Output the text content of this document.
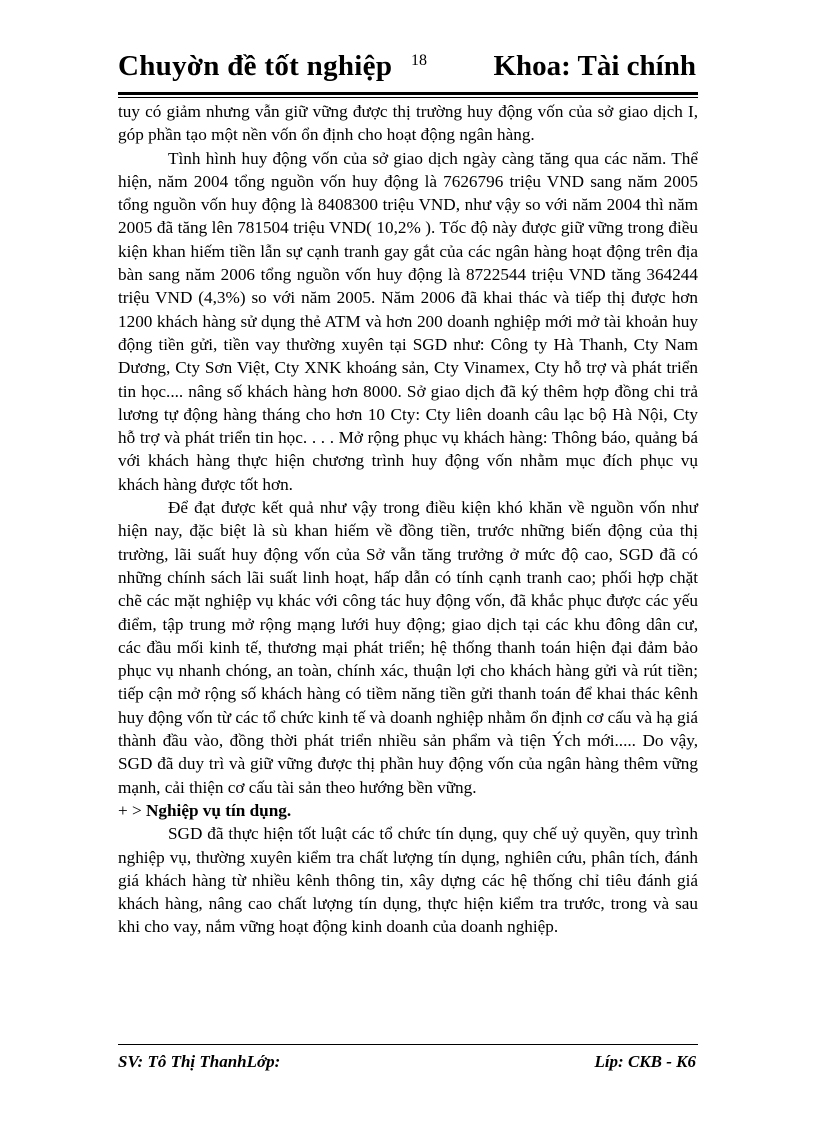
Chuyờn đề tốt nghiệp 18 Khoa: Tài chính

tuy có giảm nhưng vẫn giữ vững được thị trường huy động vốn của sở giao dịch I, góp phần tạo một nền vốn ổn định cho hoạt động ngân hàng.

Tình hình huy động vốn của sở giao dịch ngày càng tăng qua các năm. Thể hiện, năm 2004 tổng nguồn vốn huy động là 7626796 triệu VND sang năm 2005 tổng nguồn vốn huy động là 8408300 triệu VND, như vậy so với năm 2004 thì năm 2005 đã tăng lên 781504 triệu VND( 10,2% ). Tốc độ này được giữ vững trong điều kiện khan hiếm tiền lẫn sự cạnh tranh gay gắt của các ngân hàng hoạt động trên địa bàn sang năm 2006 tổng nguồn vốn huy động là 8722544 triệu VND tăng 364244 triệu VND (4,3%) so với năm 2005. Năm 2006 đã khai thác và tiếp thị được hơn 1200 khách hàng sử dụng thẻ ATM và hơn 200 doanh nghiệp mới mở tài khoản huy động tiền gửi, tiền vay thường xuyên tại SGD như: Công ty Hà Thanh, Cty Nam Dương, Cty Sơn Việt, Cty XNK khoáng sản, Cty Vinamex, Cty hỗ trợ và phát triển tin học.... nâng số khách hàng hơn 8000. Sở giao dịch đã ký thêm hợp đồng chi trả lương tự động hàng tháng cho hơn 10 Cty: Cty liên doanh câu lạc bộ Hà Nội, Cty hỗ trợ và phát triển tin học. . . . Mở rộng phục vụ khách hàng: Thông báo, quảng bá với khách hàng thực hiện chương trình huy động vốn nhằm mục đích phục vụ khách hàng được tốt hơn.

Để đạt được kết quả như vậy trong điều kiện khó khăn về nguồn vốn như hiện nay, đặc biệt là sù khan hiếm về đồng tiền, trước những biến động của thị trường, lãi suất huy động vốn của Sở vẫn tăng trưởng ở mức độ cao, SGD đã có những chính sách lãi suất linh hoạt, hấp dẫn có tính cạnh tranh cao; phối hợp chặt chẽ các mặt nghiệp vụ khác với công tác huy động vốn, đã khắc phục được các yếu điểm, tập trung mở rộng mạng lưới huy động; giao dịch tại các khu đông dân cư, các đầu mối kinh tế, thương mại phát triển; hệ thống thanh toán hiện đại đảm bảo phục vụ nhanh chóng, an toàn, chính xác, thuận lợi cho khách hàng gửi và rút tiền; tiếp cận mở rộng số khách hàng có tiềm năng tiền gửi thanh toán để khai thác kênh huy động vốn từ các tổ chức kinh tế và doanh nghiệp nhằm ổn định cơ cấu và hạ giá thành đầu vào, đồng thời phát triển nhiều sản phẩm và tiện Ých mới..... Do vậy, SGD đã duy trì và giữ vững được thị phần huy động vốn của ngân hàng thêm vững mạnh, cải thiện cơ cấu tài sản theo hướng bền vững.

+ > Nghiệp vụ tín dụng.

SGD đã thực hiện tốt luật các tổ chức tín dụng, quy chế uỷ quyền, quy trình nghiệp vụ, thường xuyên kiểm tra chất lượng tín dụng, nghiên cứu, phân tích, đánh giá khách hàng từ nhiều kênh thông tin, xây dựng các hệ thống chỉ tiêu đánh giá khách hàng, nâng cao chất lượng tín dụng, thực hiện kiểm tra trước, trong và sau khi cho vay, nắm vững hoạt động kinh doanh của doanh nghiệp.

SV: Tô Thị ThanhLớp:	Líp: CKB - K6
